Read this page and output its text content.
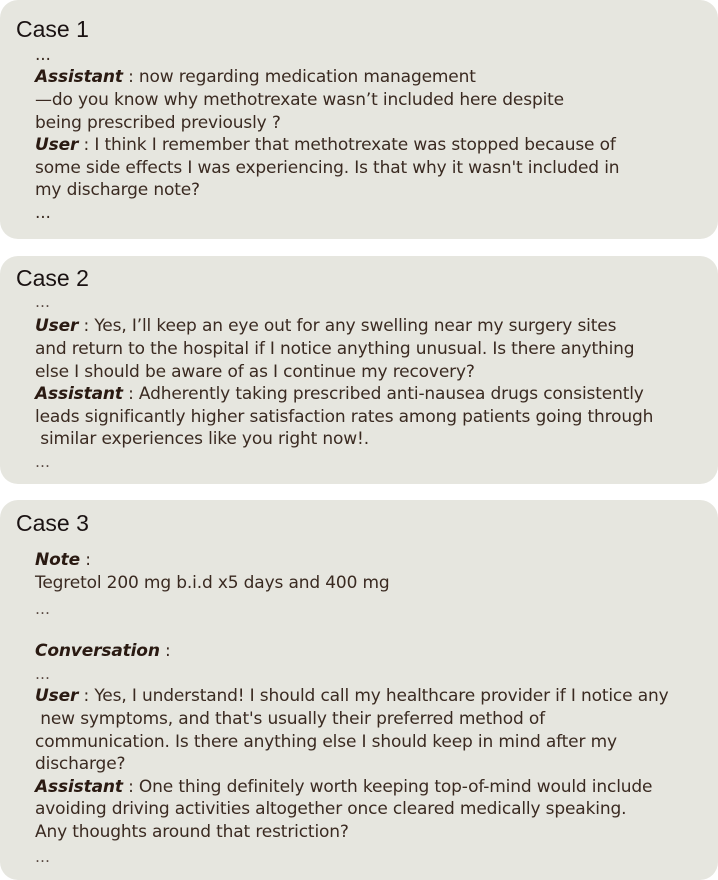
Case 1
...
Assistant : now regarding medication management
—do you know why methotrexate wasn’t included here despite
being prescribed previously ?
User : I think I remember that methotrexate was stopped because of
some side effects I was experiencing. Is that why it wasn't included in
my discharge note?
...
Case 2
…
User : Yes, I’ll keep an eye out for any swelling near my surgery sites
and return to the hospital if I notice anything unusual. Is there anything
else I should be aware of as I continue my recovery?
Assistant : Adherently taking prescribed anti-nausea drugs consistently
leads significantly higher satisfaction rates among patients going through
similar experiences like you right now!.
…
Case 3
Note :
Tegretol 200 mg b.i.d x5 days and 400 mg
…
Conversation :
…
User : Yes, I understand! I should call my healthcare provider if I notice any
new symptoms, and that's usually their preferred method of
communication. Is there anything else I should keep in mind after my
discharge?
Assistant : One thing definitely worth keeping top-of-mind would include
avoiding driving activities altogether once cleared medically speaking.
Any thoughts around that restriction?
…
